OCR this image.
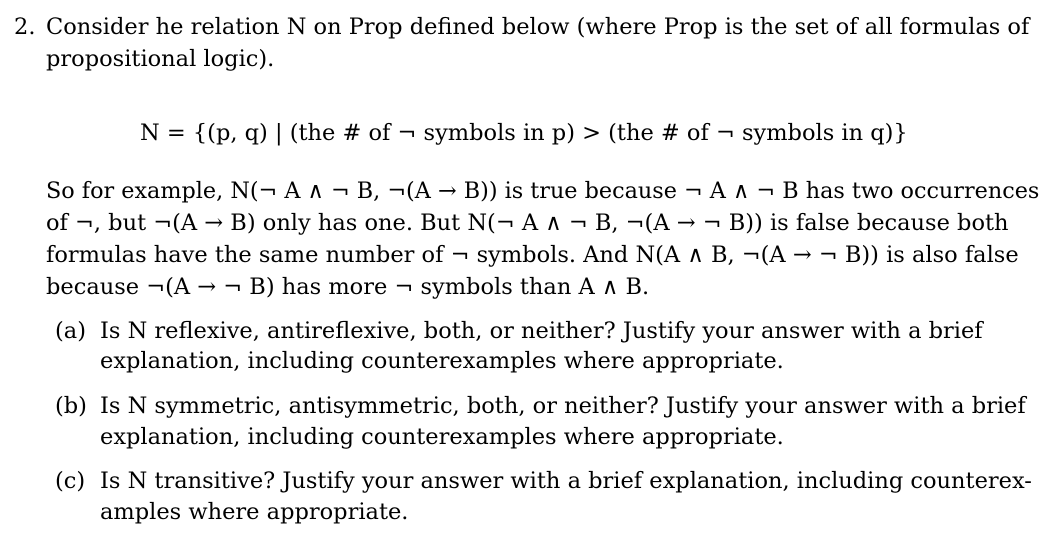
2. Consider he relation N on Prop defined below (where Prop is the set of all formulas of
propositional logic).
N = {(p, q) | (the # of ¬ symbols in p) > (the # of ¬ symbols in q)}
So for example, N(¬ A ∧ ¬ B, ¬(A → B)) is true because ¬ A ∧ ¬ B has two occurrences
of ¬, but ¬(A → B) only has one. But N(¬ A ∧ ¬ B, ¬(A → ¬ B)) is false because both
formulas have the same number of ¬ symbols. And N(A ∧ B, ¬(A → ¬ B)) is also false
because ¬(A → ¬ B) has more ¬ symbols than A ∧ B.
(a) Is N reflexive, antireflexive, both, or neither? Justify your answer with a brief
explanation, including counterexamples where appropriate.
(b) Is N symmetric, antisymmetric, both, or neither? Justify your answer with a brief
explanation, including counterexamples where appropriate.
(c) Is N transitive? Justify your answer with a brief explanation, including counterex-
amples where appropriate.
